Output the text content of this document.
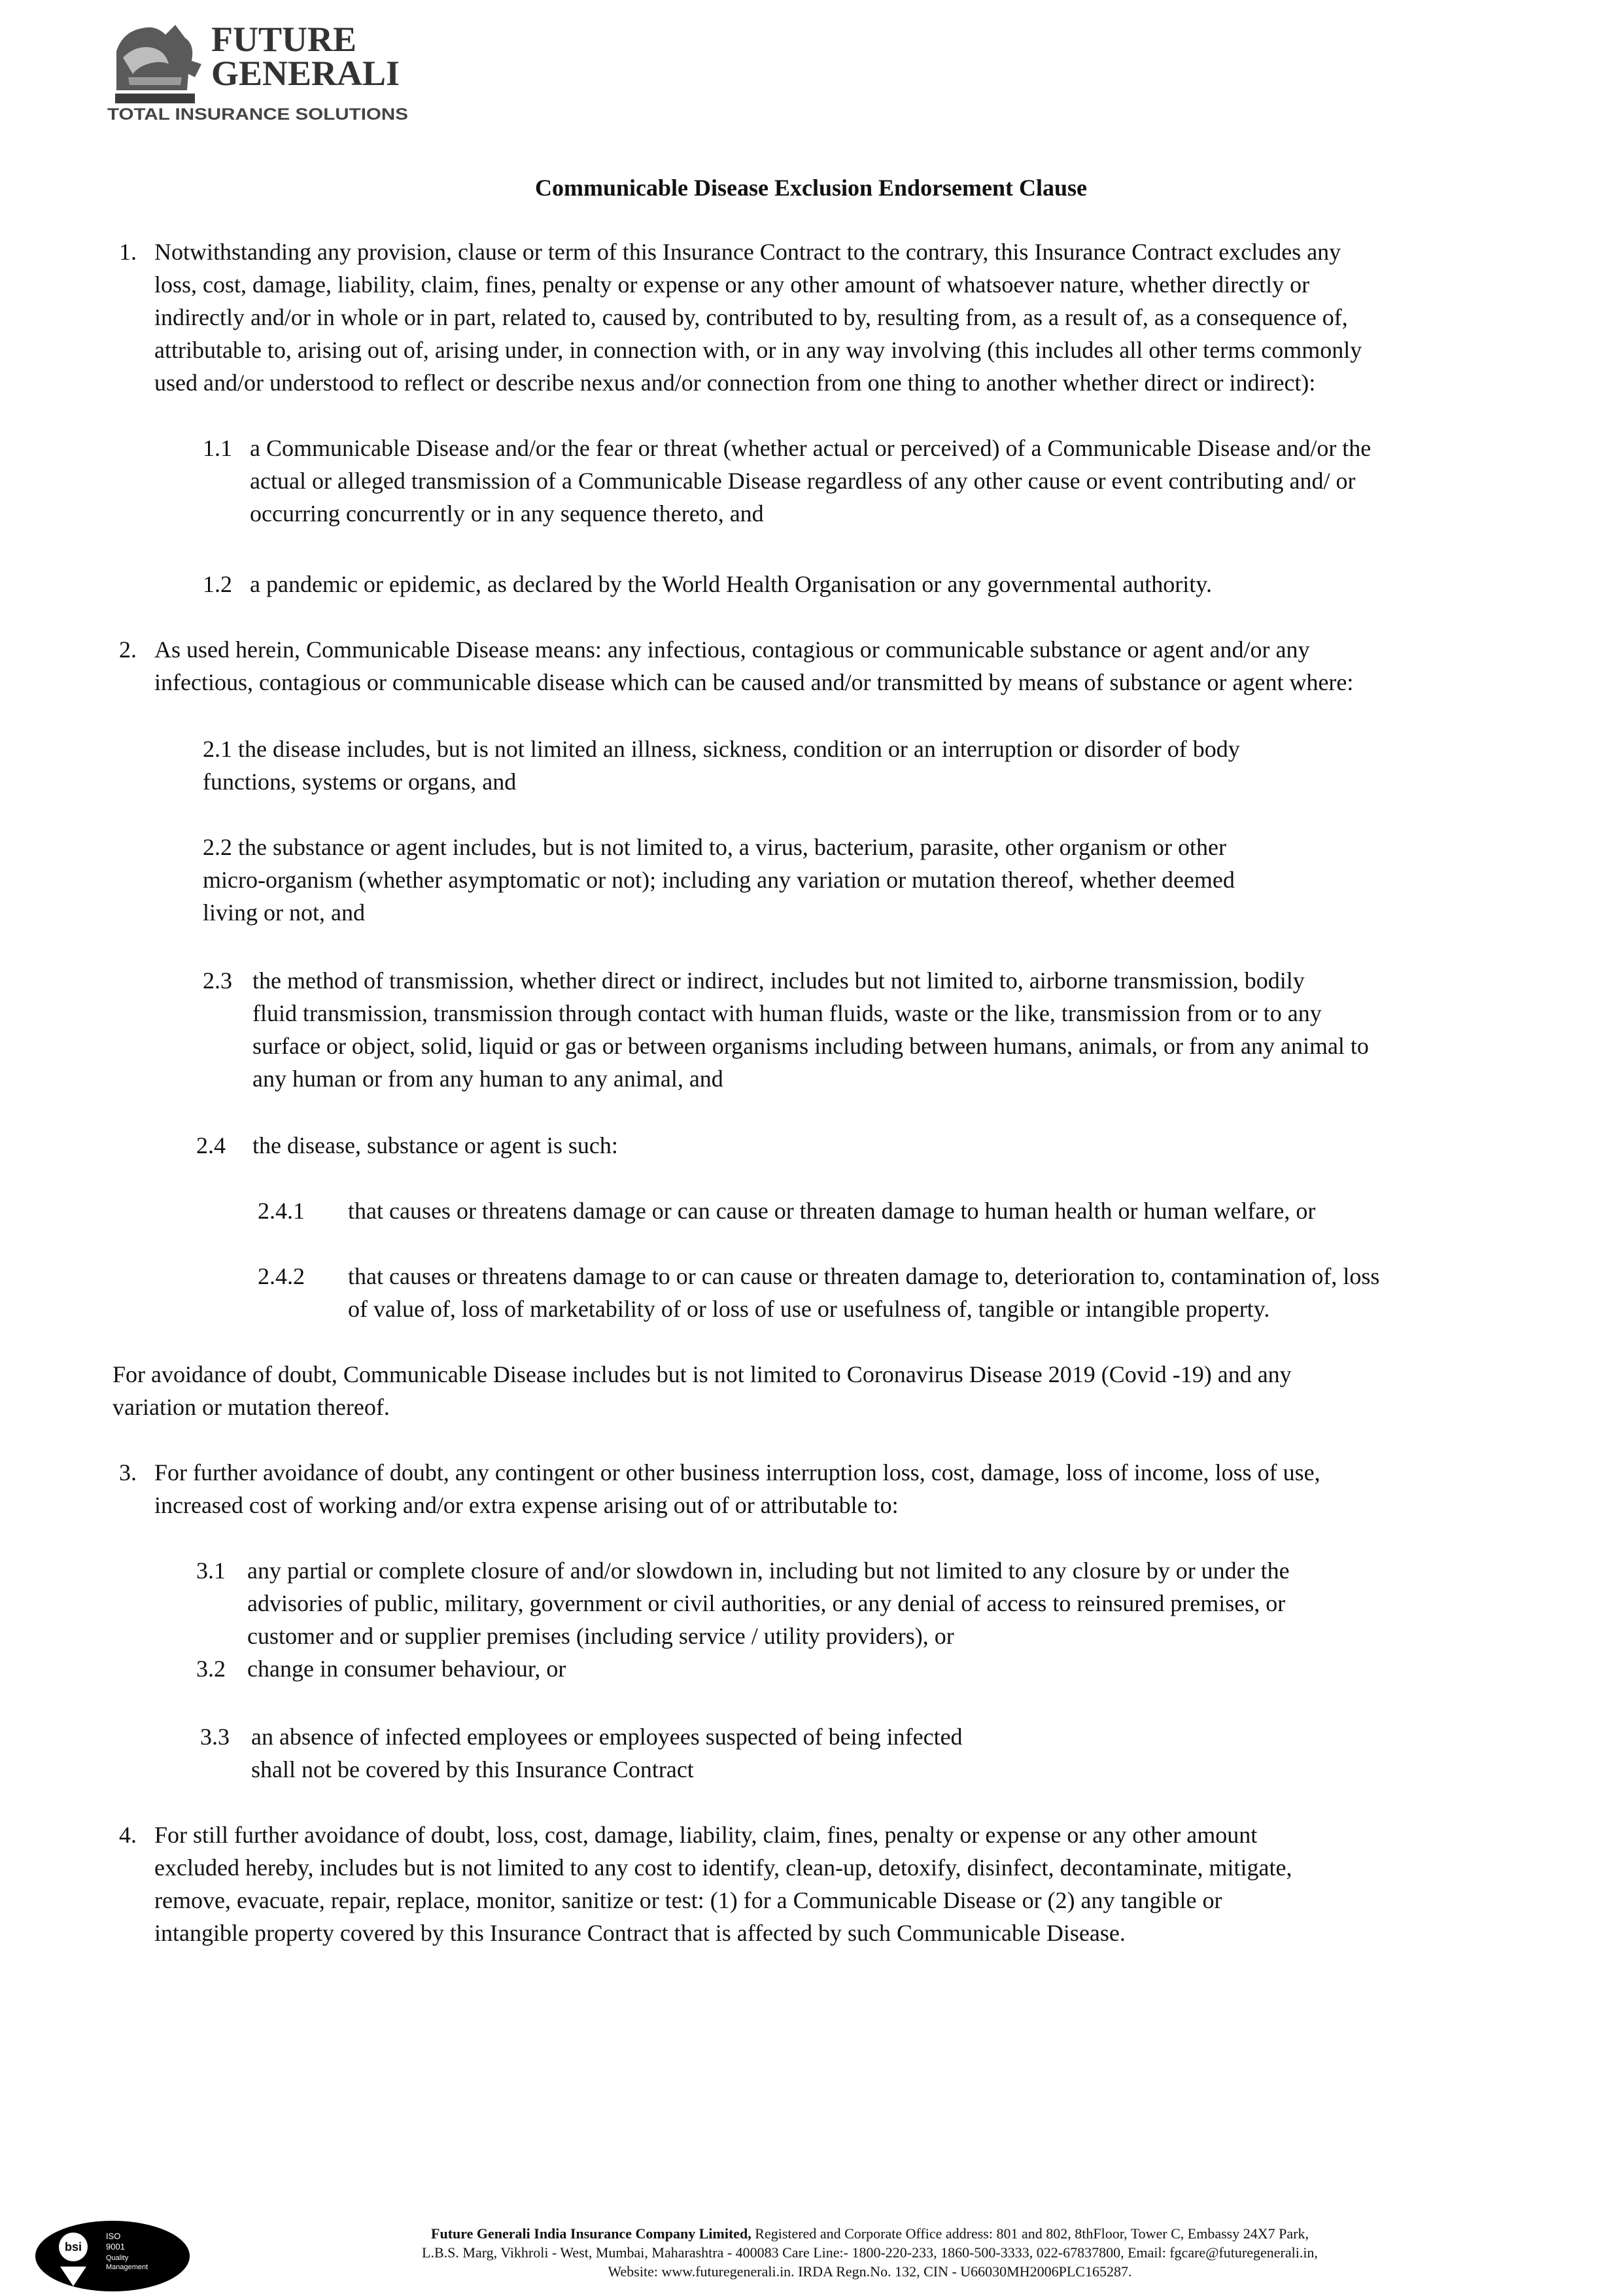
FUTURE
GENERALI
TOTAL INSURANCE SOLUTIONS
Communicable Disease Exclusion Endorsement Clause
1. Notwithstanding any provision, clause or term of this Insurance Contract to the contrary, this Insurance Contract excludes any
loss, cost, damage, liability, claim, fines, penalty or expense or any other amount of whatsoever nature, whether directly or
indirectly and/or in whole or in part, related to, caused by, contributed to by, resulting from, as a result of, as a consequence of,
attributable to, arising out of, arising under, in connection with, or in any way involving (this includes all other terms commonly
used and/or understood to reflect or describe nexus and/or connection from one thing to another whether direct or indirect):
1.1 a Communicable Disease and/or the fear or threat (whether actual or perceived) of a Communicable Disease and/or the
actual or alleged transmission of a Communicable Disease regardless of any other cause or event contributing and/ or
occurring concurrently or in any sequence thereto, and
1.2 a pandemic or epidemic, as declared by the World Health Organisation or any governmental authority.
2. As used herein, Communicable Disease means: any infectious, contagious or communicable substance or agent and/or any
infectious, contagious or communicable disease which can be caused and/or transmitted by means of substance or agent where:
2.1 the disease includes, but is not limited an illness, sickness, condition or an interruption or disorder of body
functions, systems or organs, and
2.2 the substance or agent includes, but is not limited to, a virus, bacterium, parasite, other organism or other
micro-organism (whether asymptomatic or not); including any variation or mutation thereof, whether deemed
living or not, and
2.3 the method of transmission, whether direct or indirect, includes but not limited to, airborne transmission, bodily
fluid transmission, transmission through contact with human fluids, waste or the like, transmission from or to any
surface or object, solid, liquid or gas or between organisms including between humans, animals, or from any animal to
any human or from any human to any animal, and
2.4 the disease, substance or agent is such:
2.4.1 that causes or threatens damage or can cause or threaten damage to human health or human welfare, or
2.4.2 that causes or threatens damage to or can cause or threaten damage to, deterioration to, contamination of, loss
of value of, loss of marketability of or loss of use or usefulness of, tangible or intangible property.
For avoidance of doubt, Communicable Disease includes but is not limited to Coronavirus Disease 2019 (Covid -19) and any
variation or mutation thereof.
3. For further avoidance of doubt, any contingent or other business interruption loss, cost, damage, loss of income, loss of use,
increased cost of working and/or extra expense arising out of or attributable to:
3.1 any partial or complete closure of and/or slowdown in, including but not limited to any closure by or under the
advisories of public, military, government or civil authorities, or any denial of access to reinsured premises, or
customer and or supplier premises (including service / utility providers), or
3.2 change in consumer behaviour, or
3.3 an absence of infected employees or employees suspected of being infected
shall not be covered by this Insurance Contract
4. For still further avoidance of doubt, loss, cost, damage, liability, claim, fines, penalty or expense or any other amount
excluded hereby, includes but is not limited to any cost to identify, clean-up, detoxify, disinfect, decontaminate, mitigate,
remove, evacuate, repair, replace, monitor, sanitize or test: (1) for a Communicable Disease or (2) any tangible or
intangible property covered by this Insurance Contract that is affected by such Communicable Disease.
bsi
ISO
9001
Quality
Management
Future Generali India Insurance Company Limited, Registered and Corporate Office address: 801 and 802, 8thFloor, Tower C, Embassy 24X7 Park,
L.B.S. Marg, Vikhroli - West, Mumbai, Maharashtra - 400083 Care Line:- 1800-220-233, 1860-500-3333, 022-67837800, Email: fgcare@futuregenerali.in,
Website: www.futuregenerali.in. IRDA Regn.No. 132, CIN - U66030MH2006PLC165287.
